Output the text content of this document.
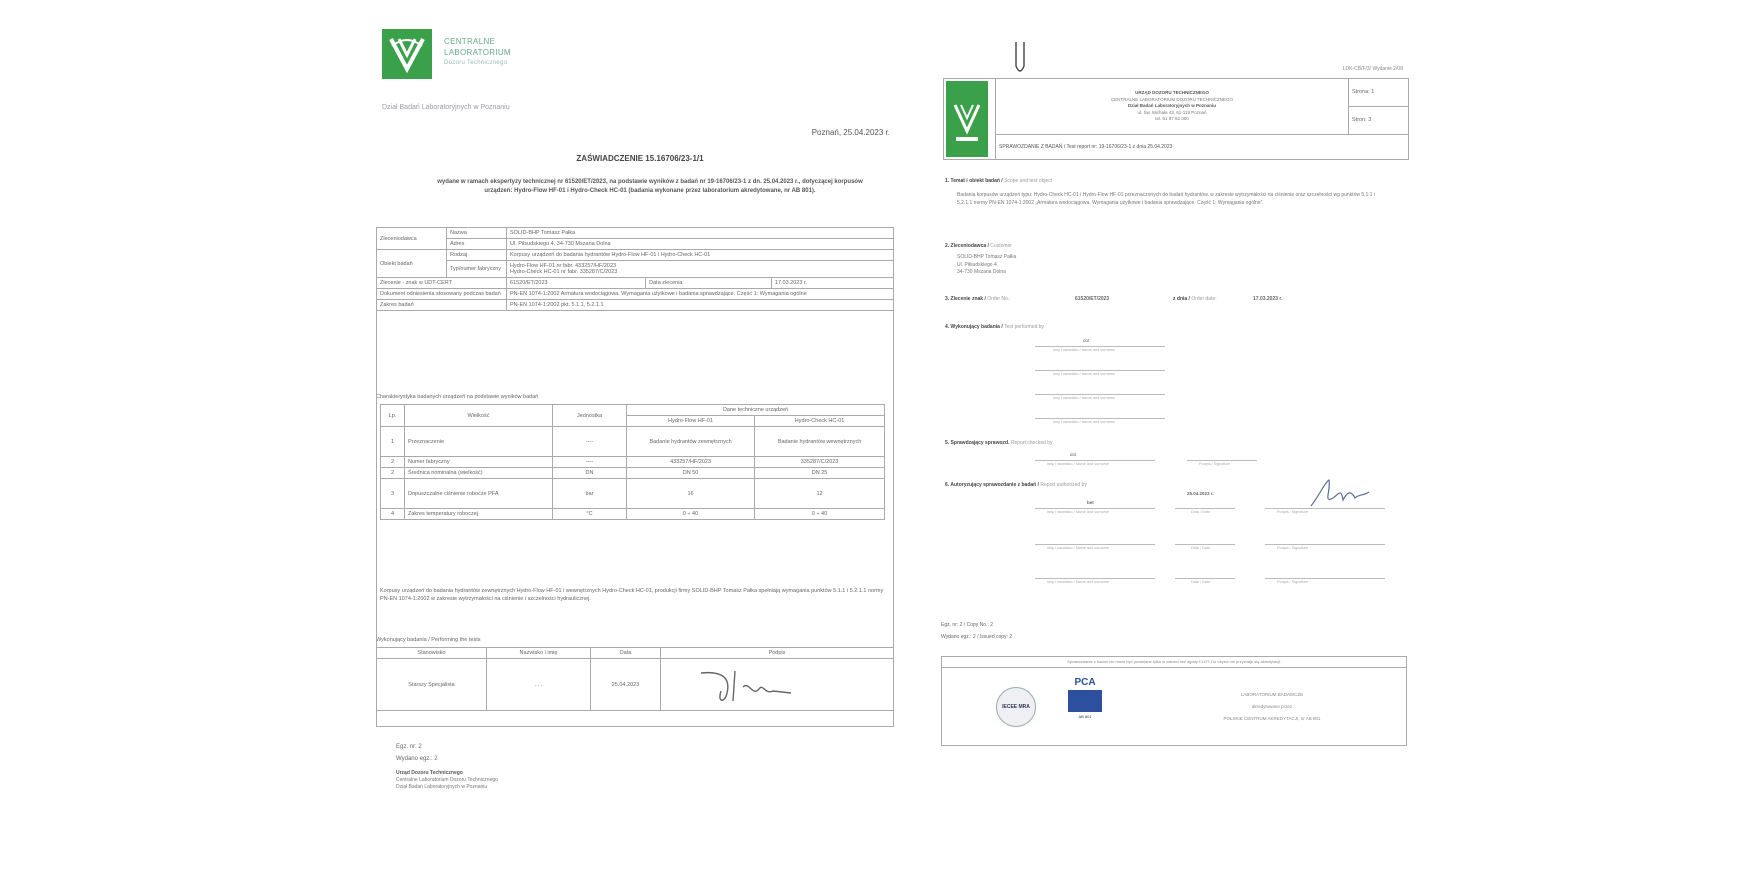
CENTRALNE
LABORATORIUM
Dozoru Technicznego
Dział Badań Laboratoryjnych w Poznaniu
Poznań, 25.04.2023 r.
ZAŚWIADCZENIE 15.16706/23-1/1
wydane w ramach ekspertyzy technicznej nr 61520/ET/2023, na podstawie wyników z badań nr 19-16706/23-1 z dn. 25.04.2023 r., dotyczącej korpusów urządzeń: Hydro-Flow HF-01 i Hydro-Check HC-01 (badania wykonane przez laboratorium akredytowane, nr AB 801).
Zleceniodawca	Nazwa	SOLID-BHP Tomasz Pałka		
	Adres	Ul. Piłsudskiego 4, 34-730 Mszana Dolna		
Obiekt badań	Rodzaj	Korpusy urządzeń do badania hydrantów Hydro-Flow HF-01 i Hydro-Check HC-01		
	Typ/numer fabryczny	Hydro-Flow HF-01 nr fabr. 433257/HF/2023
Hydro-Check HC-01 nr fabr. 335287/C/2023		

Zlecenie - znak w UDT-CERT		61520/ET/2023	Data zlecenia	17.03.2023 r.
Dokument odniesienia stosowany podczas badań		PN-EN 1074-1:2002 Armatura wodociągowa. Wymagania użytkowe i badania sprawdzające. Część 1: Wymagania ogólne		
Zakres badań		PN-EN 1074-1:2002 pkt. 5.1.1, 5.2.1.1		
Charakterystyka badanych urządzeń na podstawie wyników badań
Lp.	Wielkość	Jednostka	Dane techniczne urządzeń	
			Hydro-Flow HF-01	Hydro-Check HC-01
1	Przeznaczenie	----	Badanie hydrantów zewnętrznych	Badanie hydrantów wewnętrznych
2	Numer fabryczny	----	433257/HF/2023	335287/C/2023
2	Średnica nominalna (wielkość)	DN	DN 50	DN 25
3	Dopuszczalne ciśnienie robocze PFA	bar	16	12
4	Zakres temperatury roboczej	°C	0 ÷ 40	0 ÷ 40
Korpusy urządzeń do badania hydrantów zewnętrznych Hydro-Flow HF-01 i wewnętrznych Hydro-Check HC-01, produkcji firmy SOLID-BHP Tomasz Pałka spełniają wymagania punktów 5.1.1 i 5.2.1.1 normy PN-EN 1074-1:2002 w zakresie wytrzymałości na ciśnienie i szczelności hydraulicznej.
Wykonujący badania / Performing the tests
Stanowisko	Nazwisko i imię	Data	Podpis
Starszy Specjalista	. . .	25.04.2023	
Egz. nr: 2
Wydano egz.: 2
Urząd Dozoru Technicznego
Centralne Laboratorium Dozoru Technicznego
Dział Badań Laboratoryjnych w Poznaniu
LDK-CB/F/3/ Wydanie 2/08
	URZĄD DOZORU TECHNICZNEGO
CENTRALNE LABORATORIUM DOZORU TECHNICZNEGO
Dział Badań Laboratoryjnych w Poznaniu
ul. Św. Michała 43, 61-119 Poznań
tel. 61 87 62 300	Strona: 1
Stron: 3
SPRAWOZDANIE Z BADAŃ / Test report nr: 19-16706/23-1 z dnia 25.04.2023
1. Temat i obiekt badań / Scope and test object
Badania korpusów urządzeń typu: Hydro-Check HC-01 i Hydro-Flow HF-01 przeznaczonych do badań hydrantów, w zakresie wytrzymałości na ciśnienie oraz szczelności wg punktów 5.1.1 i 5.2.1.1 normy PN-EN 1074-1:2002 „Armatura wodociągowa. Wymagania użytkowe i badania sprawdzające. Część 1: Wymagania ogólne”.
2. Zleceniodawca / Customer
SOLID-BHP Tomasz Pałka
Ul. Piłsudskiego 4
34-730 Mszana Dolna
3. Zlecenie znak / Order No.:	61520/ET/2023	z dnia / Order date:	17.03.2023 r.
4. Wykonujący badania / Test performed by
dot
imię i nazwisko / Name and surname
imię i nazwisko / Name and surname
imię i nazwisko / Name and surname
imię i nazwisko / Name and surname
5. Sprawdzający sprawozd. Report checked by
dot
imię i nazwisko / Name and surname	Podpis / Signature
6. Autoryzujący sprawozdanie z badań / Report authorized by
bet
25.04.2023 r.
imię i nazwisko / Name and surname	Data / Date	Podpis / Signature
imię i nazwisko / Name and surname	Data / Date	Podpis / Signature
imię i nazwisko / Name and surname	Data / Date	Podpis / Signature
Egz. nr: 2 / Copy No.: 2
Wydano egz.: 2 / Issued copy: 2
Sprawozdanie z badań nie może być powielane tylko w całości bez zgody CLDT. Do części nie przyznaje się akredytacji.
IECEE MRA
PCA
AB 801
LABORATORIUM BADAWCZE
akredytowane przez
POLSKIE CENTRUM AKREDYTACJI, nr AB 801
